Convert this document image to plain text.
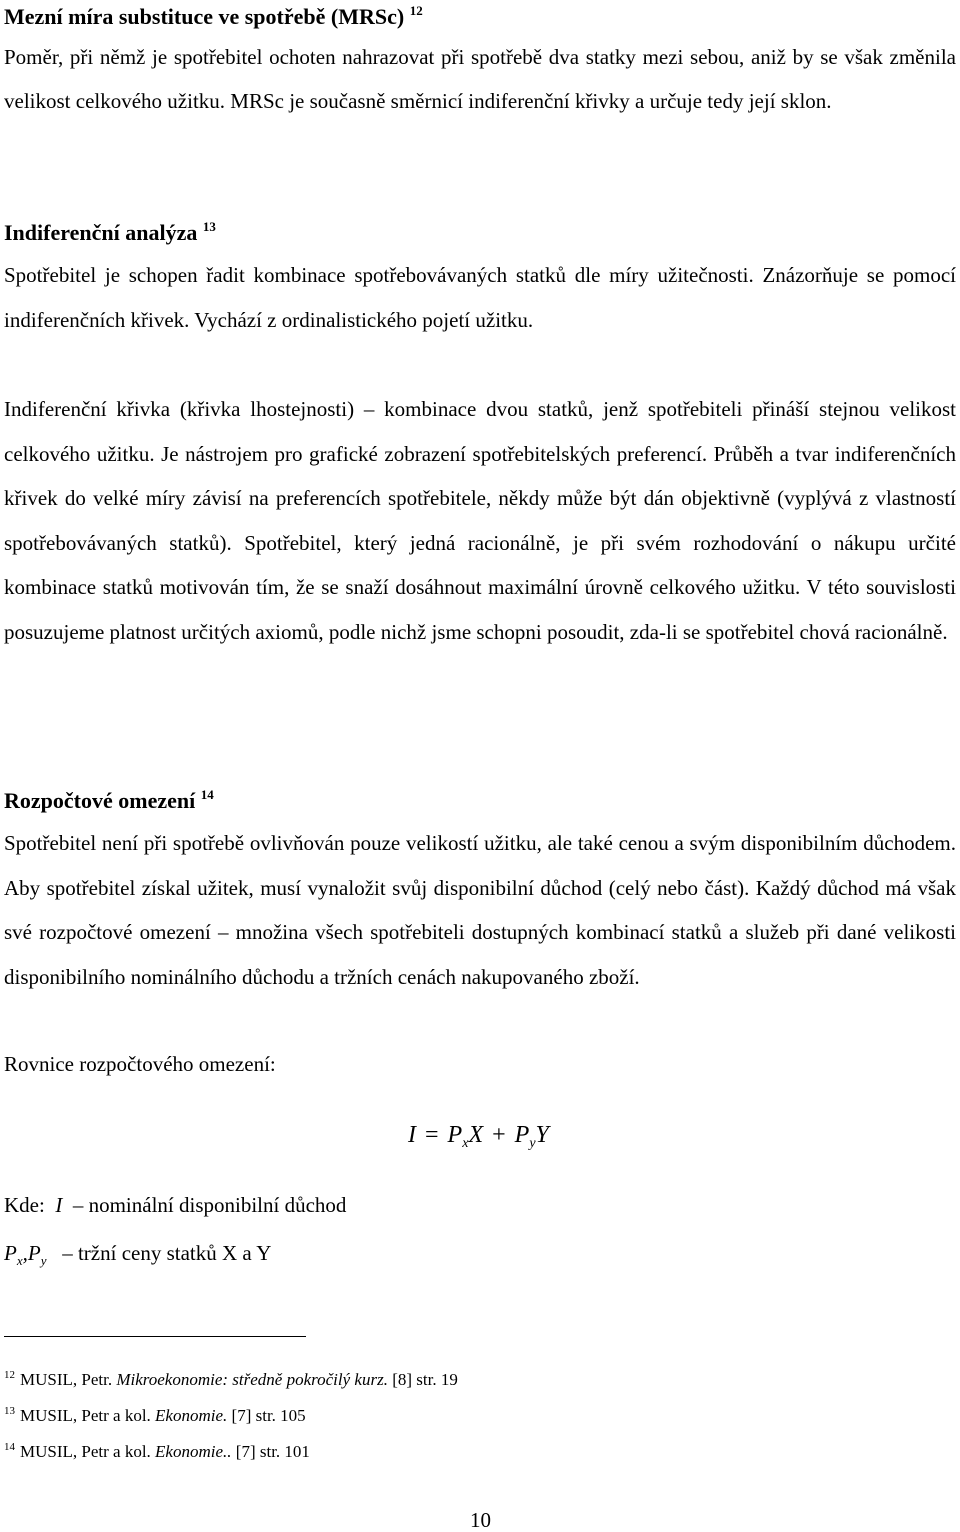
Mezní míra substituce ve spotřebě (MRSc) $^{12}$
Poměr, při němž je spotřebitel ochoten nahrazovat při spotřebě dva statky mezi sebou, aniž by se však změnila velikost celkového užitku. MRSc je současně směrnicí indiferenční křivky a určuje tedy její sklon.
Indiferenční analýza $^{13}$
Spotřebitel je schopen řadit kombinace spotřebovávaných statků dle míry užitečnosti. Znázorňuje se pomocí indiferenčních křivek. Vychází z ordinalistického pojetí užitku.
Indiferenční křivka (křivka lhostejnosti) – kombinace dvou statků, jenž spotřebiteli přináší stejnou velikost celkového užitku. Je nástrojem pro grafické zobrazení spotřebitelských preferencí. Průběh a tvar indiferenčních křivek do velké míry závisí na preferencích spotřebitele, někdy může být dán objektivně (vyplývá z vlastností spotřebovávaných statků). Spotřebitel, který jedná racionálně, je při svém rozhodování o nákupu určité kombinace statků motivován tím, že se snaží dosáhnout maximální úrovně celkového užitku. V této souvislosti posuzujeme platnost určitých axiomů, podle nichž jsme schopni posoudit, zda-li se spotřebitel chová racionálně.
Rozpočtové omezení $^{14}$
Spotřebitel není při spotřebě ovlivňován pouze velikostí užitku, ale také cenou a svým disponibilním důchodem. Aby spotřebitel získal užitek, musí vynaložit svůj disponibilní důchod (celý nebo část). Každý důchod má však své rozpočtové omezení – množina všech spotřebiteli dostupných kombinací statků a služeb při dané velikosti disponibilního nominálního důchodu a tržních cenách nakupovaného zboží.
Rovnice rozpočtového omezení:
$I = P_xX + P_yY$
Kde: I – nominální disponibilní důchod
$P_x,P_y$ – tržní ceny statků X a Y
$^{12}$ MUSIL, Petr. Mikroekonomie: středně pokročilý kurz. [8] str. 19
$^{13}$ MUSIL, Petr a kol. Ekonomie. [7] str. 105
$^{14}$ MUSIL, Petr a kol. Ekonomie.. [7] str. 101
10
